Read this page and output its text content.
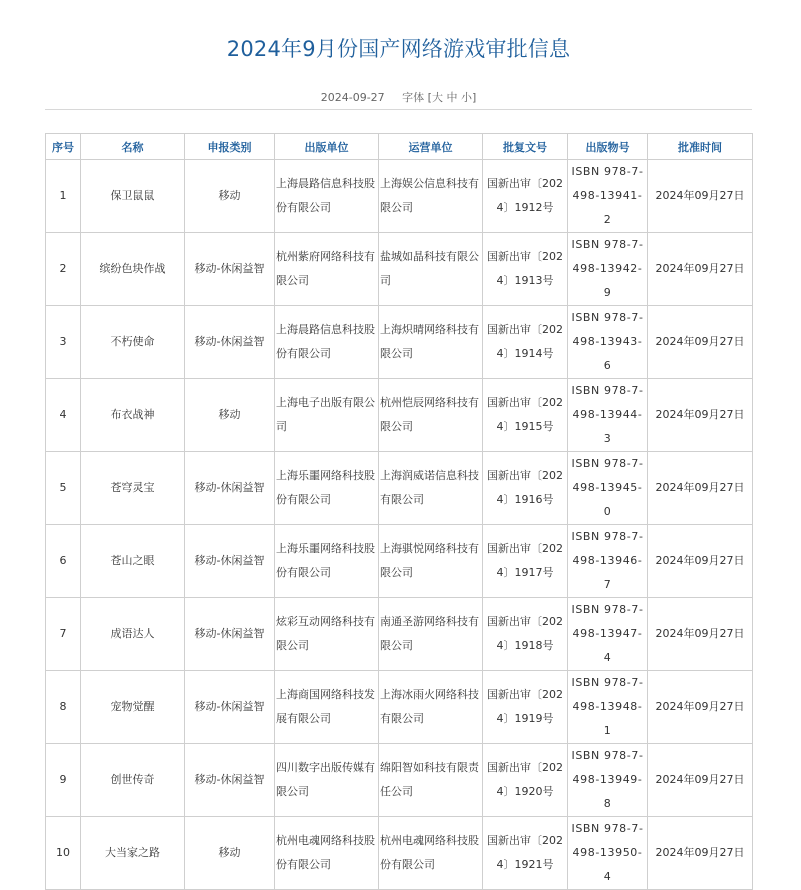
2024年9月份国产网络游戏审批信息
2024-09-27 字体 [大 中 小]
序号	名称	申报类别	出版单位	运营单位	批复文号	出版物号	批准时间
1	保卫鼠鼠	移动	上海晨路信息科技股份有限公司	上海娱公信息科技有限公司	国新出审〔2024〕1912号	ISBN 978-7-498-13941-2	2024年09月27日
2	缤纷色块作战	移动-休闲益智	杭州紫府网络科技有限公司	盐城如晶科技有限公司	国新出审〔2024〕1913号	ISBN 978-7-498-13942-9	2024年09月27日
3	不朽使命	移动-休闲益智	上海晨路信息科技股份有限公司	上海炽晴网络科技有限公司	国新出审〔2024〕1914号	ISBN 978-7-498-13943-6	2024年09月27日
4	布衣战神	移动	上海电子出版有限公司	杭州恺辰网络科技有限公司	国新出审〔2024〕1915号	ISBN 978-7-498-13944-3	2024年09月27日
5	苍穹灵宝	移动-休闲益智	上海乐噩网络科技股份有限公司	上海润威诺信息科技有限公司	国新出审〔2024〕1916号	ISBN 978-7-498-13945-0	2024年09月27日
6	苍山之眼	移动-休闲益智	上海乐噩网络科技股份有限公司	上海骐悦网络科技有限公司	国新出审〔2024〕1917号	ISBN 978-7-498-13946-7	2024年09月27日
7	成语达人	移动-休闲益智	炫彩互动网络科技有限公司	南通圣游网络科技有限公司	国新出审〔2024〕1918号	ISBN 978-7-498-13947-4	2024年09月27日
8	宠物觉醒	移动-休闲益智	上海商国网络科技发展有限公司	上海冰雨火网络科技有限公司	国新出审〔2024〕1919号	ISBN 978-7-498-13948-1	2024年09月27日
9	创世传奇	移动-休闲益智	四川数字出版传媒有限公司	绵阳智如科技有限责任公司	国新出审〔2024〕1920号	ISBN 978-7-498-13949-8	2024年09月27日
10	大当家之路	移动	杭州电魂网络科技股份有限公司	杭州电魂网络科技股份有限公司	国新出审〔2024〕1921号	ISBN 978-7-498-13950-4	2024年09月27日
